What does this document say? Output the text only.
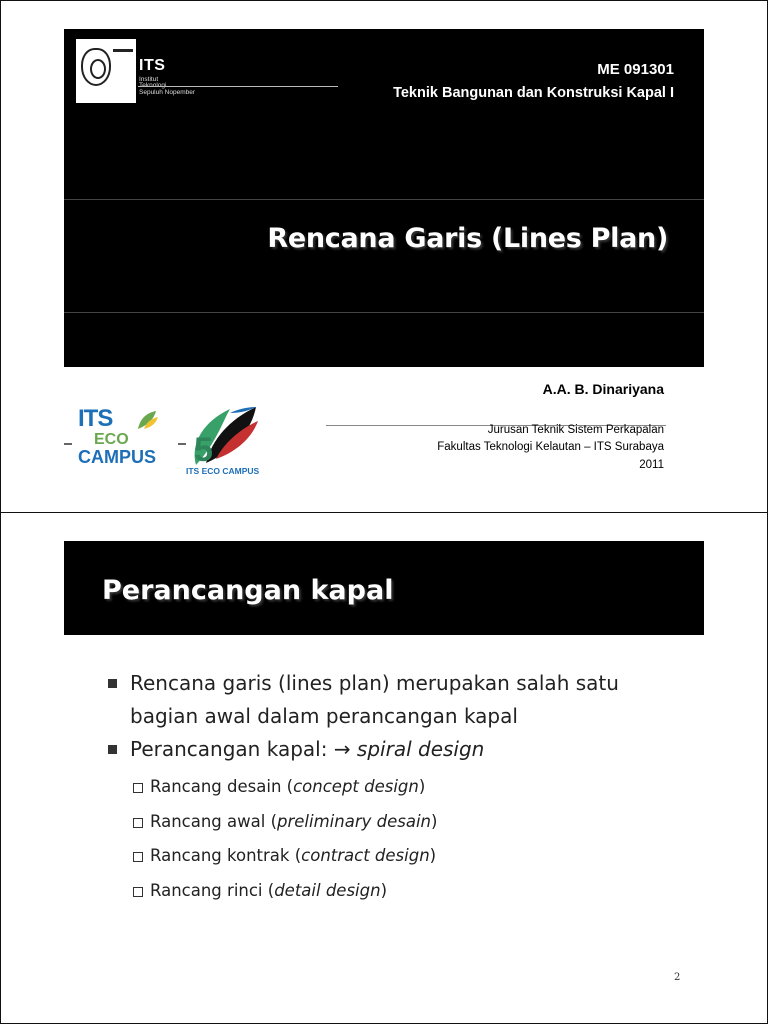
ITS
Institut
Sepuluh Nopember
ME 091301
Teknik Bangunan dan Konstruksi Kapal I
Rencana Garis (Lines Plan)
A.A. B. Dinariyana
Jurusan Teknik Sistem Perkapalan
Fakultas Teknologi Kelautan – ITS Surabaya
2011
ITS
ECO
CAMPUS 5
ITS ECO CAMPUS
Perancangan kapal
Rencana garis (lines plan) merupakan salah satu bagian awal dalam perancangan kapal
Perancangan kapal: → spiral design
Rancang desain (concept design)
Rancang awal (preliminary desain)
Rancang kontrak (contract design)
Rancang rinci (detail design)
2
